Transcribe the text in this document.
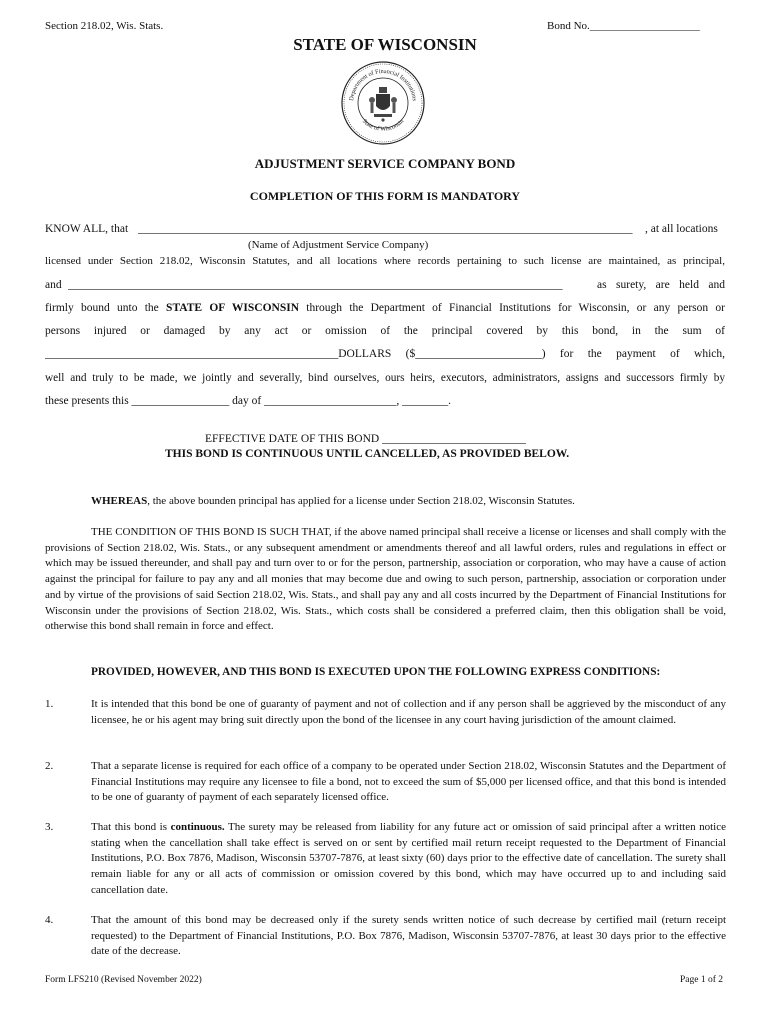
Section 218.02, Wis. Stats.	Bond No.____________________
STATE OF WISCONSIN
Department of Financial Institutions
State of Wisconsin
ADJUSTMENT SERVICE COMPANY BOND
COMPLETION OF THIS FORM IS MANDATORY
KNOW ALL, that ______________________________________________________________________________________	, at all locations
(Name of Adjustment Service Company)
licensed under Section 218.02, Wisconsin Statutes, and all locations where records pertaining to such license are maintained, as principal,
and ______________________________________________________________________________________	as surety, are held and
firmly bound unto the STATE OF WISCONSIN through the Department of Financial Institutions for Wisconsin, or any person or
persons injured or damaged by any act or omission of the principal covered by this bond, in the sum of
___________________________________________________DOLLARS ($______________________) for the payment of which,
well and truly to be made, we jointly and severally, bind ourselves, ours heirs, executors, administrators, assigns and successors firmly by
these presents this _________________ day of _______________________, ________.
EFFECTIVE DATE OF THIS BOND _________________________
THIS BOND IS CONTINUOUS UNTIL CANCELLED, AS PROVIDED BELOW.
WHEREAS, the above bounden principal has applied for a license under Section 218.02, Wisconsin Statutes.
THE CONDITION OF THIS BOND IS SUCH THAT, if the above named principal shall receive a license or licenses and shall comply with the provisions of Section 218.02, Wis. Stats., or any subsequent amendment or amendments thereof and all lawful orders, rules and regulations in effect or which may be issued thereunder, and shall pay and turn over to or for the person, partnership, association or corporation, who may have a cause of action against the principal for failure to pay any and all monies that may become due and owing to such person, partnership, association or corporation under and by virtue of the provisions of said Section 218.02, Wis. Stats., and shall pay any and all costs incurred by the Department of Financial Institutions for Wisconsin under the provisions of Section 218.02, Wis. Stats., which costs shall be considered a preferred claim, then this obligation shall be void, otherwise this bond shall remain in force and effect.
PROVIDED, HOWEVER, AND THIS BOND IS EXECUTED UPON THE FOLLOWING EXPRESS CONDITIONS:
1.	It is intended that this bond be one of guaranty of payment and not of collection and if any person shall be aggrieved by the misconduct of any licensee, he or his agent may bring suit directly upon the bond of the licensee in any court having jurisdiction of the amount claimed.
2.	That a separate license is required for each office of a company to be operated under Section 218.02, Wisconsin Statutes and the Department of Financial Institutions may require any licensee to file a bond, not to exceed the sum of $5,000 per licensed office, and that this bond is intended to be one of guaranty of payment of each separately licensed office.
3.	That this bond is continuous. The surety may be released from liability for any future act or omission of said principal after a written notice stating when the cancellation shall take effect is served on or sent by certified mail return receipt requested to the Department of Financial Institutions, P.O. Box 7876, Madison, Wisconsin 53707-7876, at least sixty (60) days prior to the effective date of cancellation. The surety shall remain liable for any or all acts of commission or omission covered by this bond, which may have occurred up to and including said cancellation date.
4.	That the amount of this bond may be decreased only if the surety sends written notice of such decrease by certified mail (return receipt requested) to the Department of Financial Institutions, P.O. Box 7876, Madison, Wisconsin 53707-7876, at least 30 days prior to the effective date of the decrease.
Form LFS210 (Revised November 2022)	Page 1 of 2
